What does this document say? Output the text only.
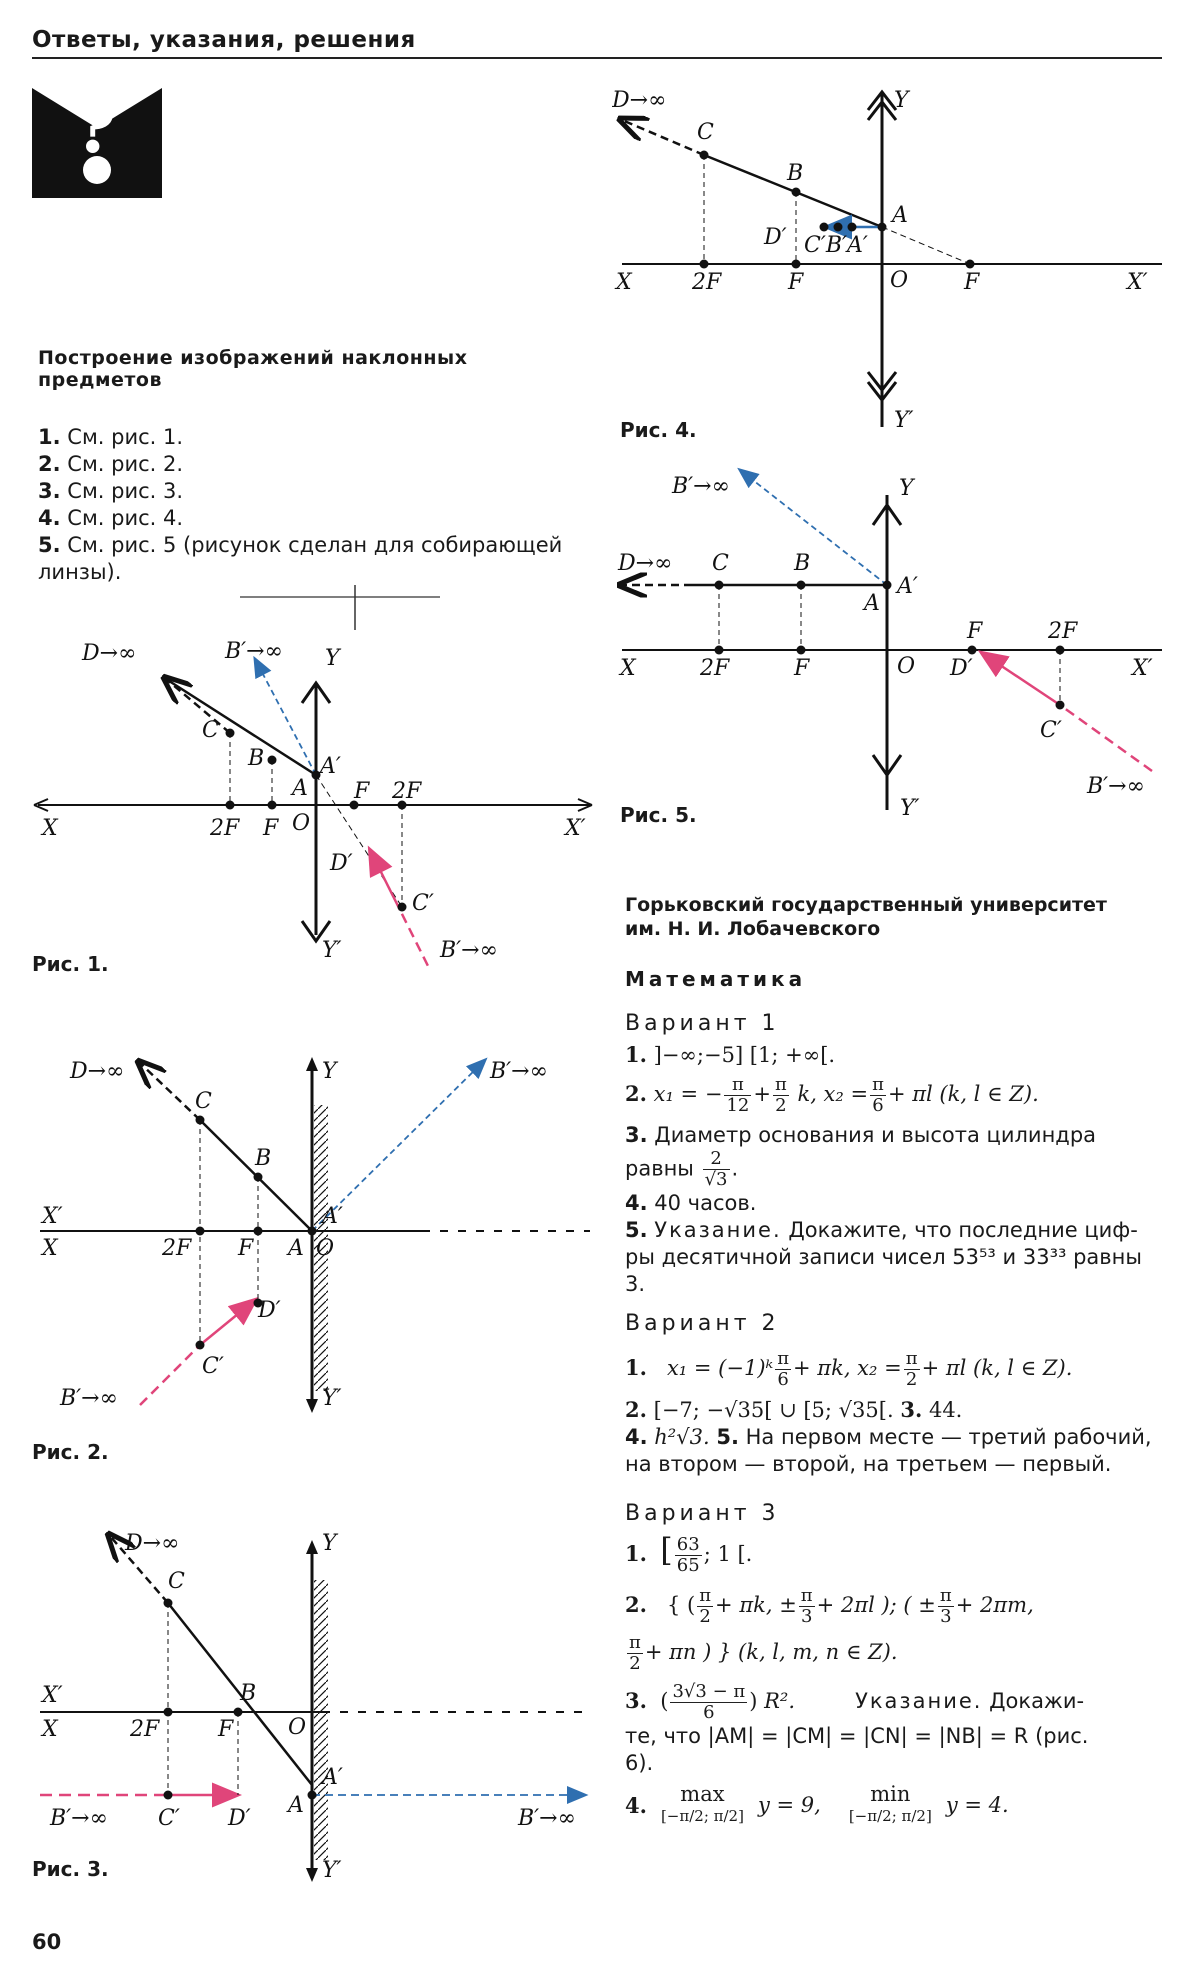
Ответы, указания, решения
?
Построение изображений наклонных
предметов
1. См. рис. 1.
2. См. рис. 2.
3. См. рис. 3.
4. См. рис. 4.
5. См. рис. 5 (рисунок сделан для собирающей
линзы).
D→∞	B′→∞ Y
C
B
A
A′
F 2F
X	2F F O	X′
D′
C′
Y′	B′→∞
Рис. 1.
D→∞	Y	B′→∞
C
B
X′	A′
X	2F F A O
D′
C′
B′→∞	Y′
Рис. 2.
D→∞	Y
C
X′	B
X	2F	F O
A′
A
B′→∞ C′ D′	B′→∞
Y′
Рис. 3.
60
D→∞	Y
C
B
A
D′ C′B′A′
X	2F	F	O	F	X′
Y′
Рис. 4.
B′→∞	Y
D→∞ C	B
A′
A
F	2F
X	2F	F	O D′	X′
C′
B′→∞
Y′
Рис. 5.
Горьковский государственный университет
им. Н. И. Лобачевского
Математика
Вариант 1
1. ]−∞;−5] [1; +∞[.
2. x₁ = − $\frac{\pi}{12} + \frac{\pi}{2} k$, $x_2 = \frac{\pi}{6} + \pi l$ (k, l ∈ Z).
3. Диаметр основания и высота цилиндра
равны $\frac{2}{√3}$ .
4. 40 часов.
5. Указание. Докажите, что последние циф-
ры десятичной записи чисел 53⁵³ и 33³³ равны 3.
Вариант 2
1. x₁ = (−1)ᵏ $\frac{\pi}{6} + \pi k$, $x_2 = \frac{\pi}{2} + \pi l$ (k, l ∈ Z).
2. [−7; −√35[ ∪ [5; √35[. 3. 44.
4. h²√3. 5. На первом месте — третий рабочий,
на втором — второй, на третьем — первый.
Вариант 3
1. [ $\frac{63}{65}$ ; 1 [.
2. { ( $\frac{\pi}{2} + \pi k$, ± $\frac{\pi}{3} + 2\pi l$ ); ( ± $\frac{\pi}{3} + 2\pi m$,
$\frac{\pi}{2} + \pi n$ ) } (k, l, m, n ∈ Z).
3.  ( $\frac{3√3 - \pi}{6}$ ) R².	Указание. Докажи-
те, что |AM| = |CM| = |CN| = |NB| = R (рис.
6).
4.	max
[−π/2; π/2] y = 9,	min
[−π/2; π/2] y = 4.
